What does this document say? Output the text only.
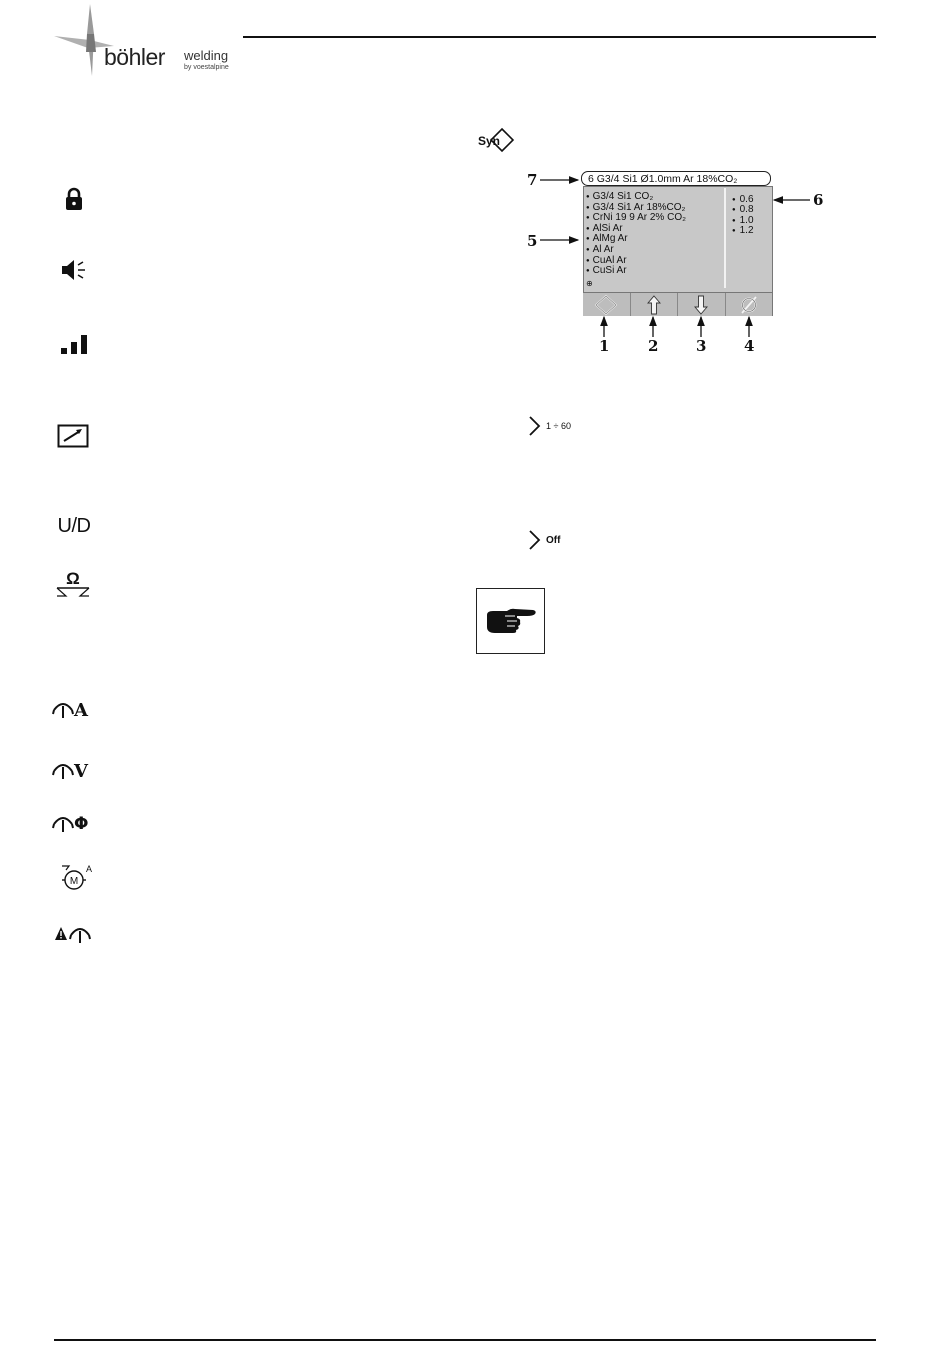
böhler welding
by voestalpine
U/D
Ω
A
V
Φ
M
A
Syn
6 G3/4 Si1 Ø1.0mm Ar 18%CO₂
● G3/4 Si1 CO₂
● G3/4 Si1 Ar 18%CO₂
● CrNi 19 9 Ar 2% CO₂
● AlSi Ar
● AlMg Ar
● Al Ar
● CuAl Ar
● CuSi Ar
⊕
● 0.6
● 0.8
● 1.0
● 1.2
7
5
6
1	2	3	4
1 ÷ 60
Off
